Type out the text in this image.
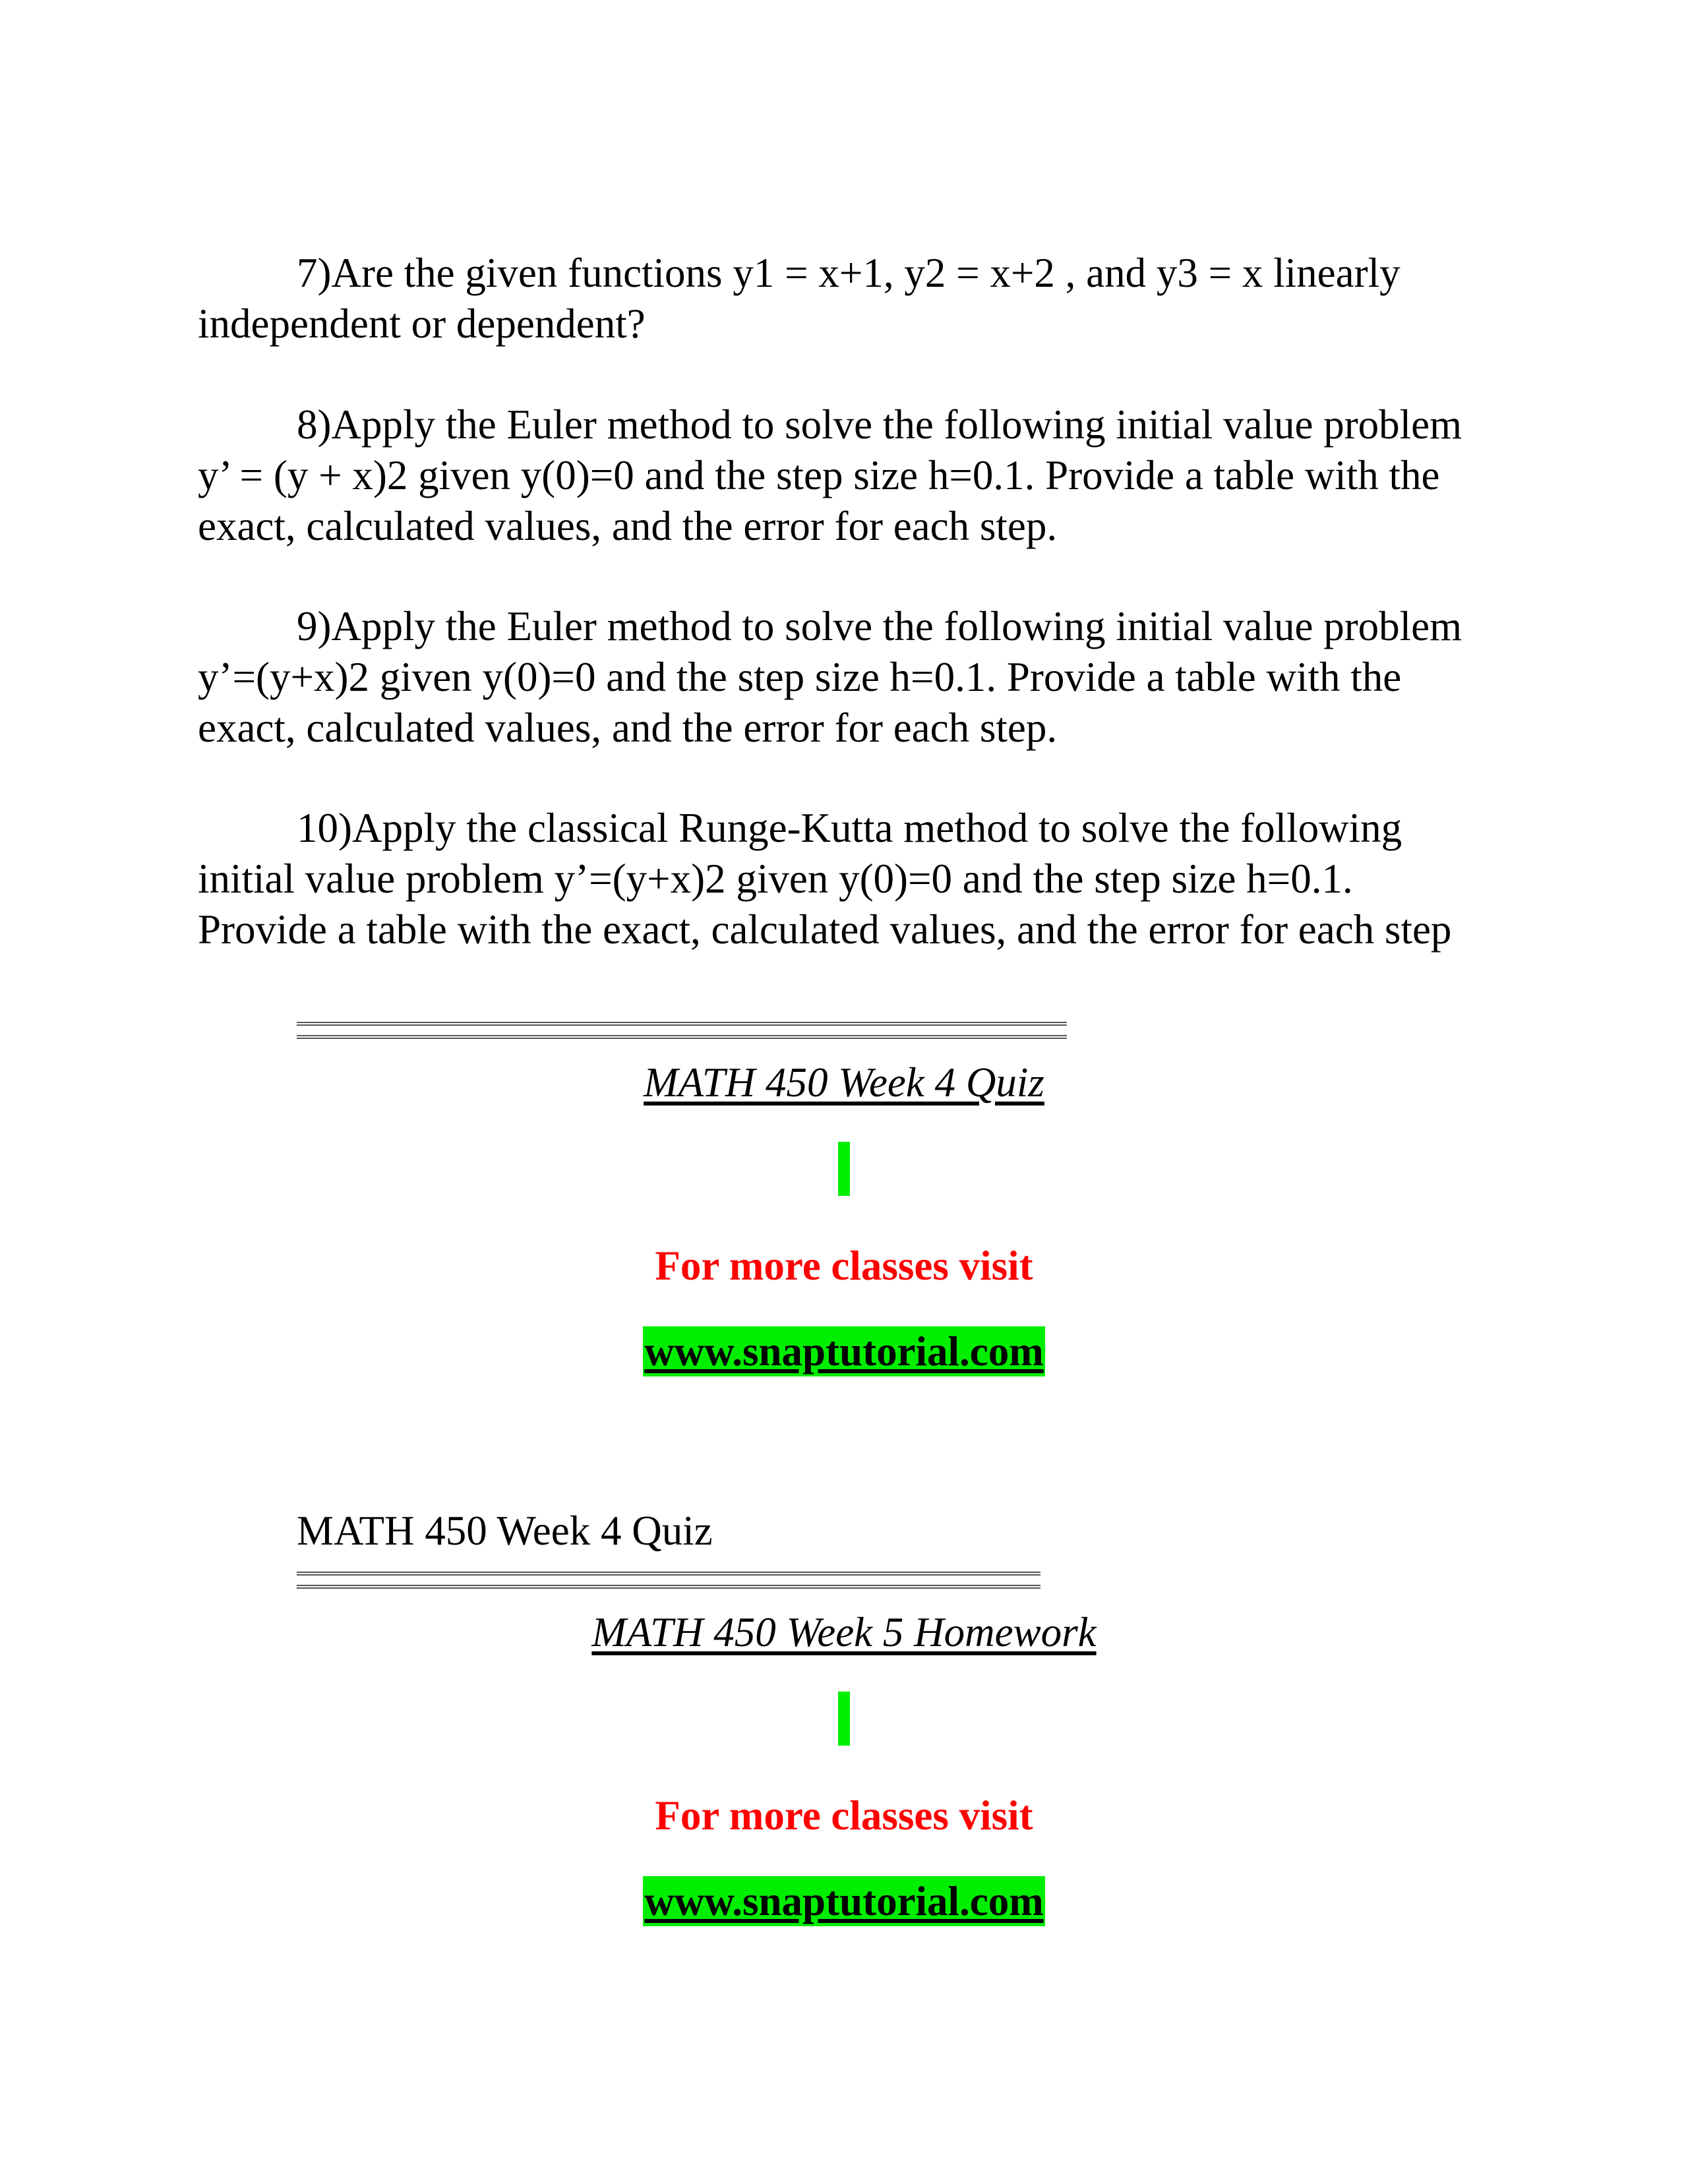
7)Are the given functions y1 = x+1, y2 = x+2 , and y3 = x linearly independent or dependent?

8)Apply the Euler method to solve the following initial value problem y’ = (y + x)2 given y(0)=0 and the step size h=0.1. Provide a table with the exact, calculated values, and the error for each step.

9)Apply the Euler method to solve the following initial value problem y’=(y+x)2 given y(0)=0 and the step size h=0.1. Provide a table with the exact, calculated values, and the error for each step.

10)Apply the classical Runge-Kutta method to solve the following initial value problem y’=(y+x)2 given y(0)=0 and the step size h=0.1. Provide a table with the exact, calculated values, and the error for each step

MATH 450 Week 4 Quiz
For more classes visit
www.snaptutorial.com
MATH 450 Week 4 Quiz
MATH 450 Week 5 Homework
For more classes visit
www.snaptutorial.com
